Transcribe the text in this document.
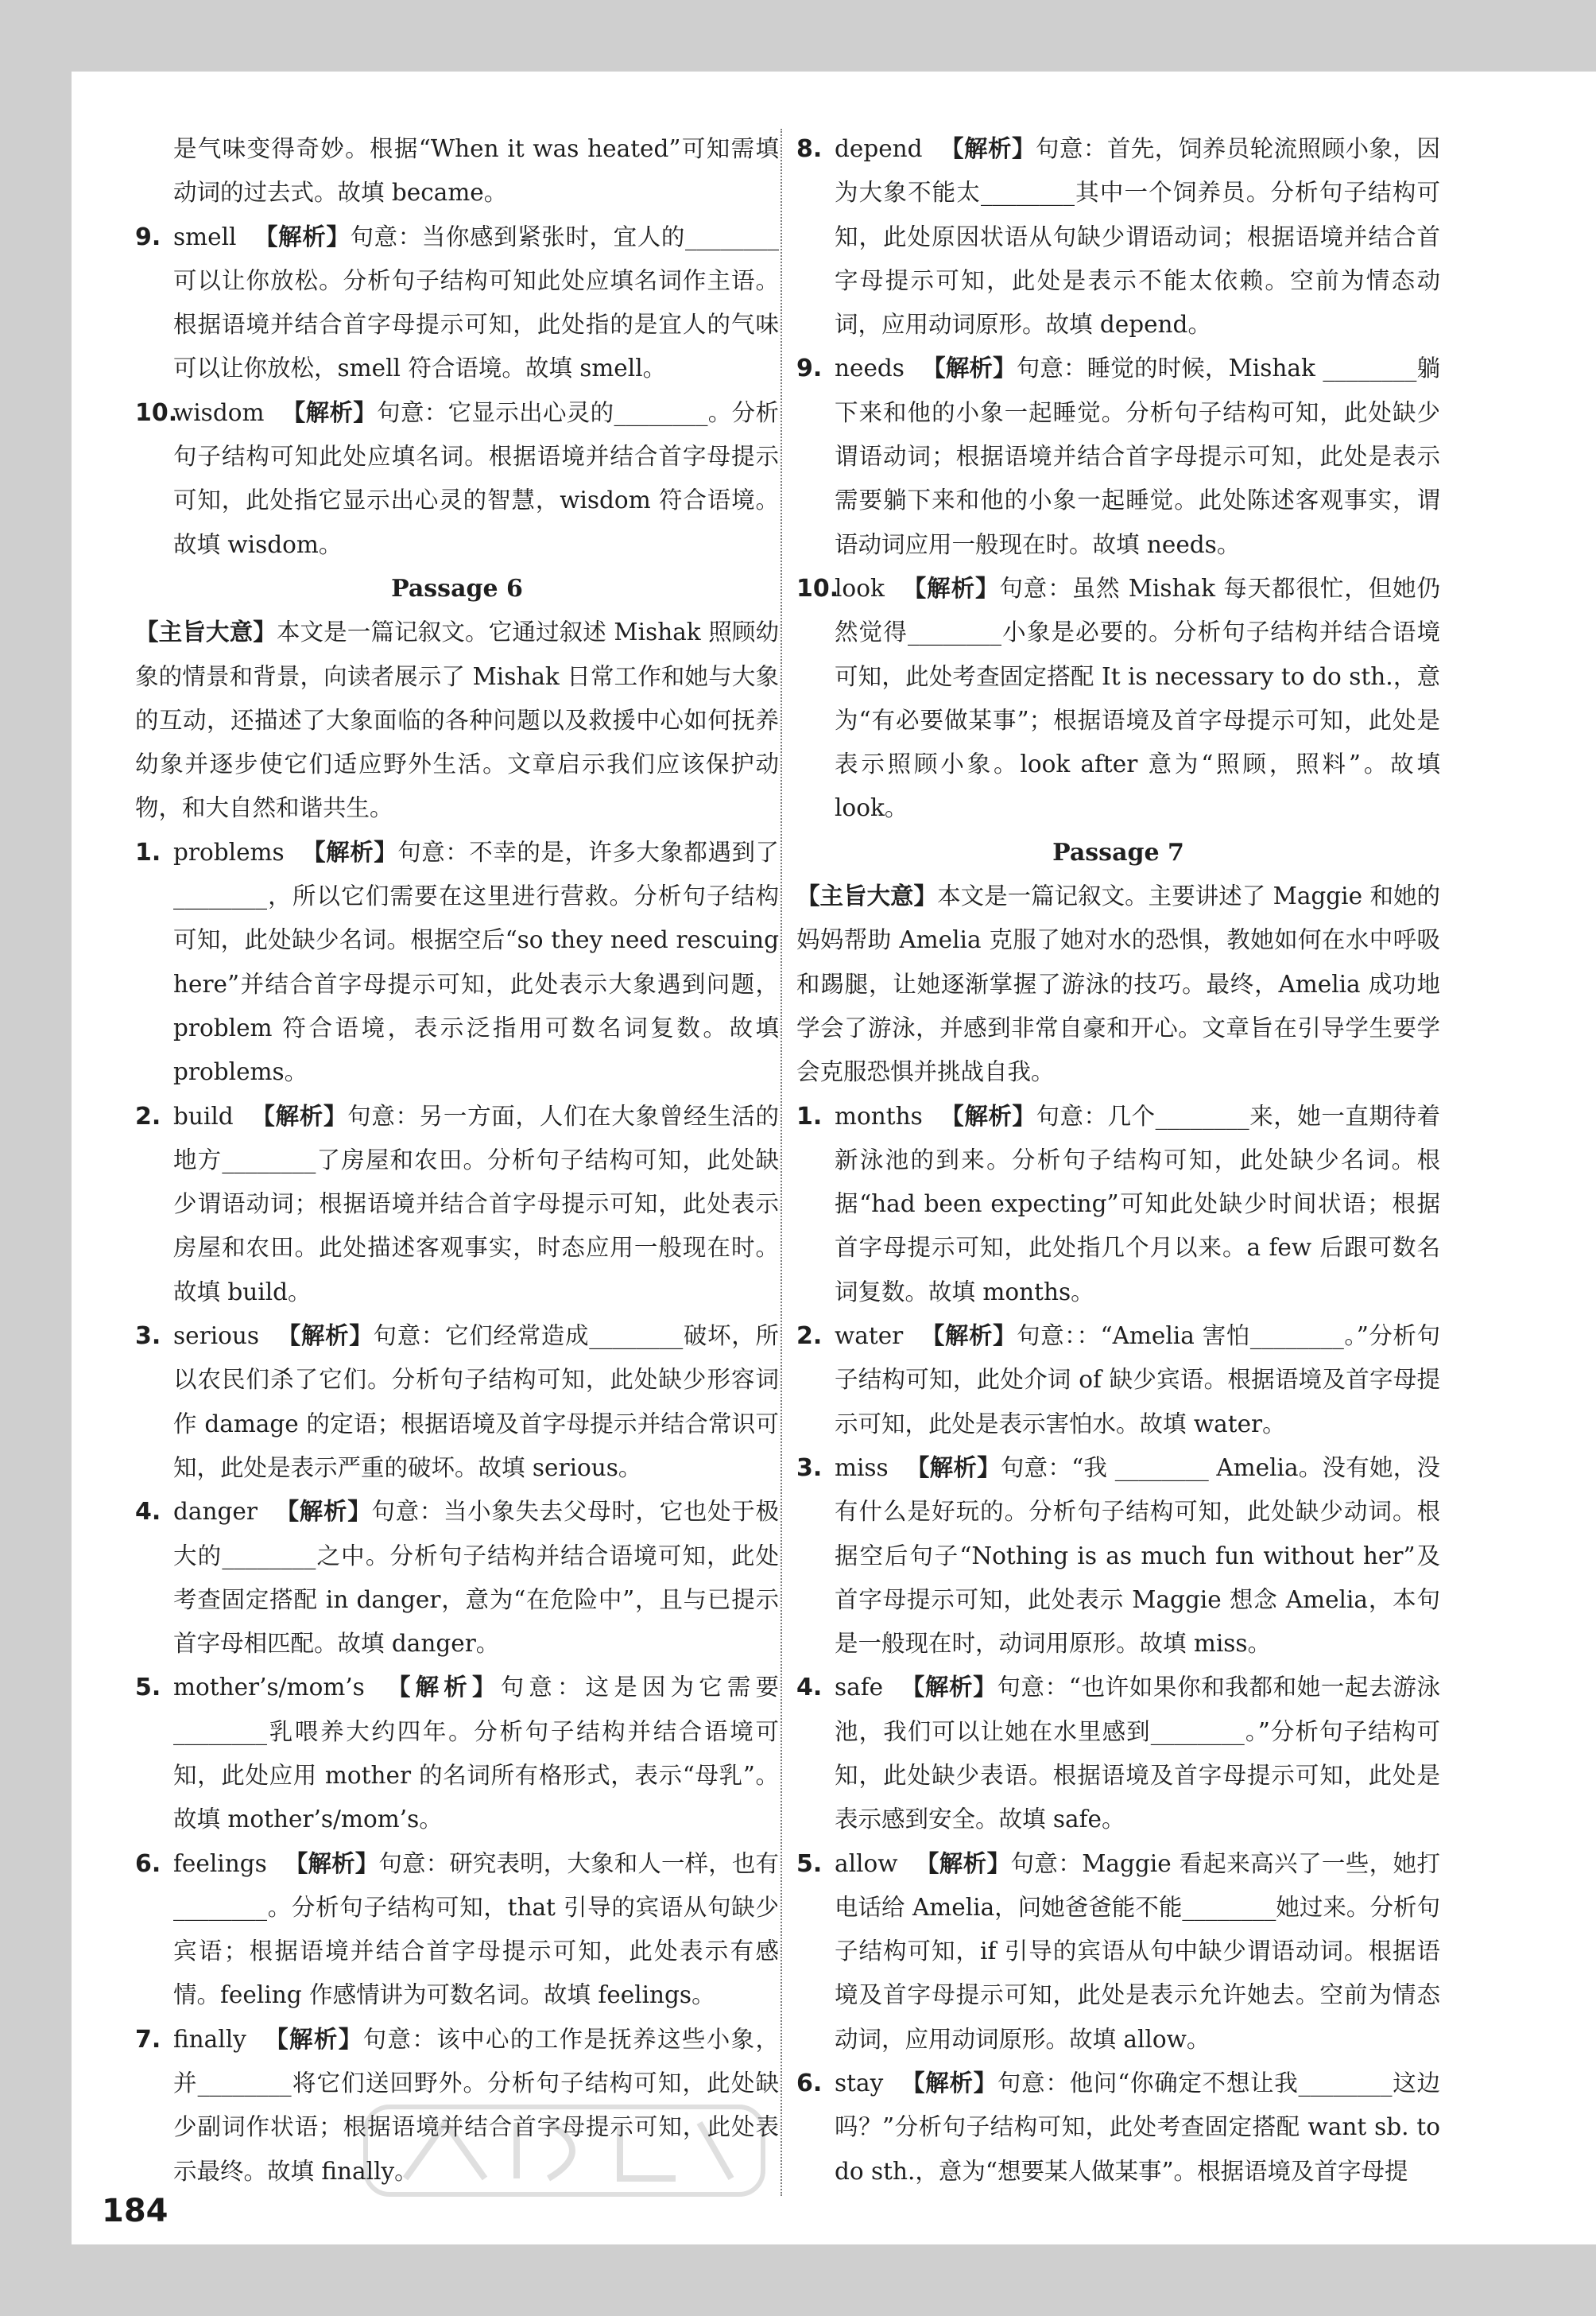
是气味变得奇妙。根据“When it was heated”可知需填动词的过去式。故填 became。

9. smell 【解析】句意：当你感到紧张时，宜人的________可以让你放松。分析句子结构可知此处应填名词作主语。根据语境并结合首字母提示可知，此处指的是宜人的气味可以让你放松，smell 符合语境。故填 smell。

10.
wisdom 【解析】句意：它显示出心灵的________。分析句子结构可知此处应填名词。根据语境并结合首字母提示可知，此处指它显示出心灵的智慧，wisdom 符合语境。故填 wisdom。

Passage 6

【主旨大意】本文是一篇记叙文。它通过叙述 Mishak 照顾幼象的情景和背景，向读者展示了 Mishak 日常工作和她与大象的互动，还描述了大象面临的各种问题以及救援中心如何抚养幼象并逐步使它们适应野外生活。文章启示我们应该保护动物，和大自然和谐共生。

1. problems 【解析】句意：不幸的是，许多大象都遇到了________，所以它们需要在这里进行营救。分析句子结构可知，此处缺少名词。根据空后“so they need rescuing here”并结合首字母提示可知，此处表示大象遇到问题，problem 符合语境，表示泛指用可数名词复数。故填 problems。

2. build 【解析】句意：另一方面，人们在大象曾经生活的地方________了房屋和农田。分析句子结构可知，此处缺少谓语动词；根据语境并结合首字母提示可知，此处表示房屋和农田。此处描述客观事实，时态应用一般现在时。故填 build。

3. serious 【解析】句意：它们经常造成________破坏，所以农民们杀了它们。分析句子结构可知，此处缺少形容词作 damage 的定语；根据语境及首字母提示并结合常识可知，此处是表示严重的破坏。故填 serious。

4. danger 【解析】句意：当小象失去父母时，它也处于极大的________之中。分析句子结构并结合语境可知，此处考查固定搭配 in danger，意为“在危险中”，且与已提示首字母相匹配。故填 danger。

5. mother’s/mom’s 【解析】句意：这是因为它需要________乳喂养大约四年。分析句子结构并结合语境可知，此处应用 mother 的名词所有格形式，表示“母乳”。故填 mother’s/mom’s。

6. feelings 【解析】句意：研究表明，大象和人一样，也有________。分析句子结构可知，that 引导的宾语从句缺少宾语；根据语境并结合首字母提示可知，此处表示有感情。feeling 作感情讲为可数名词。故填 feelings。

7. finally 【解析】句意：该中心的工作是抚养这些小象，并________将它们送回野外。分析句子结构可知，此处缺少副词作状语；根据语境并结合首字母提示可知，此处表示最终。故填 finally。

8. depend 【解析】句意：首先，饲养员轮流照顾小象，因为大象不能太________其中一个饲养员。分析句子结构可知，此处原因状语从句缺少谓语动词；根据语境并结合首字母提示可知，此处是表示不能太依赖。空前为情态动词，应用动词原形。故填 depend。

9. needs 【解析】句意：睡觉的时候，Mishak ________躺下来和他的小象一起睡觉。分析句子结构可知，此处缺少谓语动词；根据语境并结合首字母提示可知，此处是表示需要躺下来和他的小象一起睡觉。此处陈述客观事实，谓语动词应用一般现在时。故填 needs。

10.
look 【解析】句意：虽然 Mishak 每天都很忙，但她仍然觉得________小象是必要的。分析句子结构并结合语境可知，此处考查固定搭配 It is necessary to do sth.，意为“有必要做某事”；根据语境及首字母提示可知，此处是表示照顾小象。look after 意为“照顾，照料”。故填 look。

Passage 7

【主旨大意】本文是一篇记叙文。主要讲述了 Maggie 和她的妈妈帮助 Amelia 克服了她对水的恐惧，教她如何在水中呼吸和踢腿，让她逐渐掌握了游泳的技巧。最终，Amelia 成功地学会了游泳，并感到非常自豪和开心。文章旨在引导学生要学会克服恐惧并挑战自我。

1. months 【解析】句意：几个________来，她一直期待着新泳池的到来。分析句子结构可知，此处缺少名词。根据“had been expecting”可知此处缺少时间状语；根据首字母提示可知，此处指几个月以来。a few 后跟可数名词复数。故填 months。

2. water 【解析】句意：：“Amelia 害怕________。”分析句子结构可知，此处介词 of 缺少宾语。根据语境及首字母提示可知，此处是表示害怕水。故填 water。

3. miss 【解析】句意：“我 ________ Amelia。没有她，没有什么是好玩的。分析句子结构可知，此处缺少动词。根据空后句子“Nothing is as much fun without her”及首字母提示可知，此处表示 Maggie 想念 Amelia，本句是一般现在时，动词用原形。故填 miss。

4. safe 【解析】句意：“也许如果你和我都和她一起去游泳池，我们可以让她在水里感到________。”分析句子结构可知，此处缺少表语。根据语境及首字母提示可知，此处是表示感到安全。故填 safe。

5. allow 【解析】句意：Maggie 看起来高兴了一些，她打电话给 Amelia，问她爸爸能不能________她过来。分析句子结构可知，if 引导的宾语从句中缺少谓语动词。根据语境及首字母提示可知，此处是表示允许她去。空前为情态动词，应用动词原形。故填 allow。

6. stay 【解析】句意：他问“你确定不想让我________这边吗？”分析句子结构可知，此处考查固定搭配 want sb. to do sth.，意为“想要某人做某事”。根据语境及首字母提

184
